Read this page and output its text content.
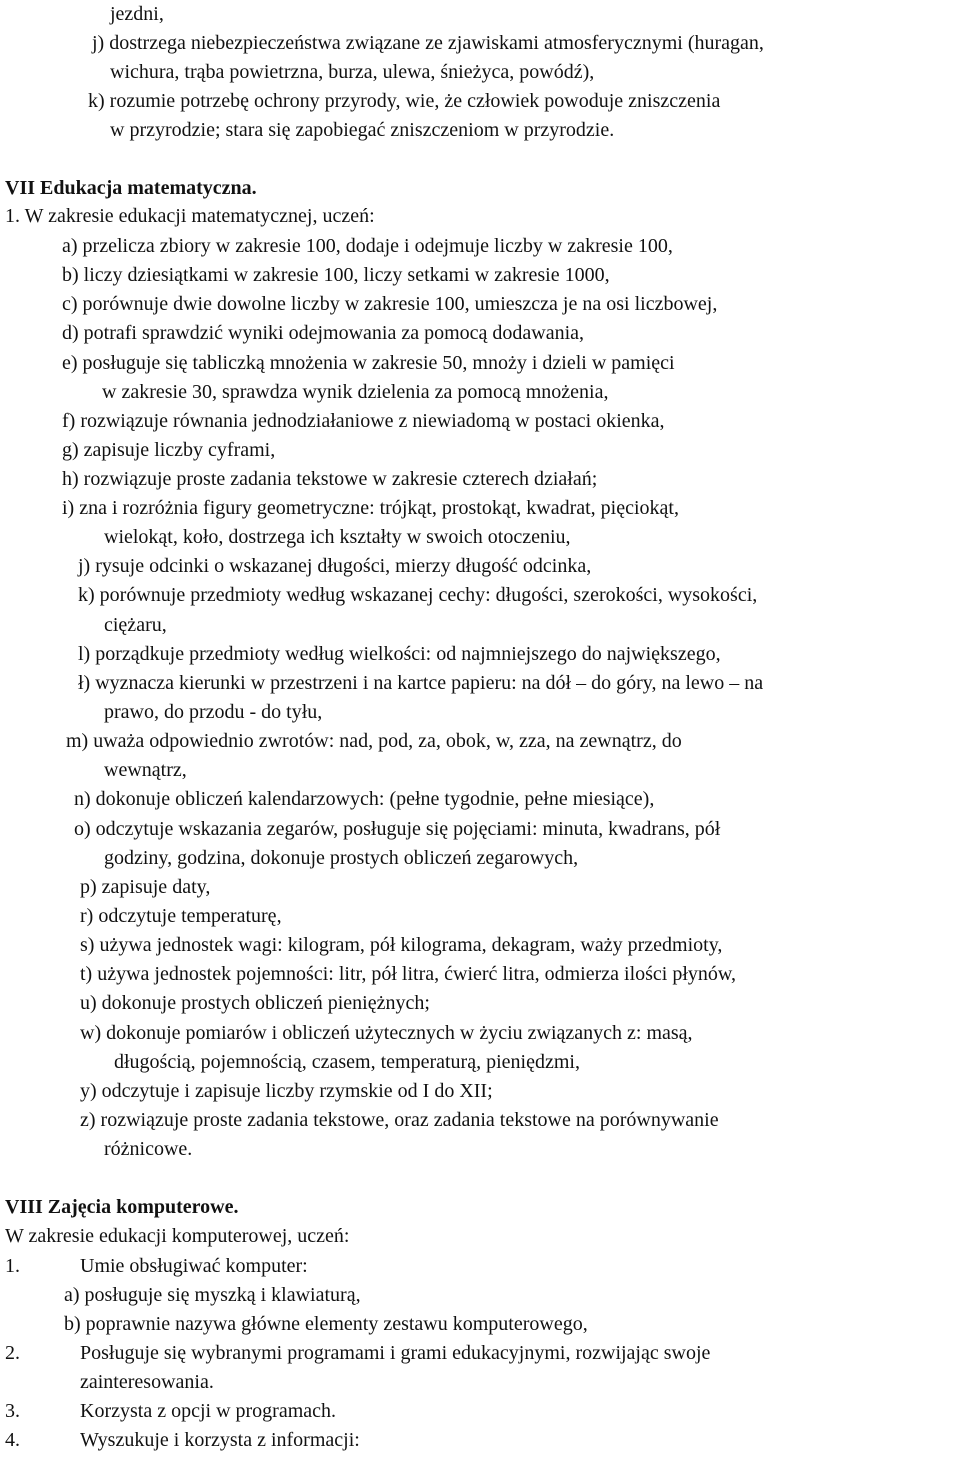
jezdni,
j) dostrzega niebezpieczeństwa związane ze zjawiskami atmosferycznymi (huragan,
wichura, trąba powietrzna, burza, ulewa, śnieżyca, powódź),
k) rozumie potrzebę ochrony przyrody, wie, że człowiek powoduje zniszczenia
w przyrodzie; stara się zapobiegać zniszczeniom w przyrodzie.
VII Edukacja matematyczna.
1. W zakresie edukacji matematycznej, uczeń:
a) przelicza zbiory w zakresie 100, dodaje i odejmuje liczby w zakresie 100,
b) liczy dziesiątkami w zakresie 100, liczy setkami w zakresie 1000,
c) porównuje dwie dowolne liczby w zakresie 100, umieszcza je na osi liczbowej,
d) potrafi sprawdzić wyniki odejmowania za pomocą dodawania,
e) posługuje się tabliczką mnożenia w zakresie 50, mnoży i dzieli w pamięci
w zakresie 30, sprawdza wynik dzielenia za pomocą mnożenia,
f) rozwiązuje równania jednodziałaniowe z niewiadomą w postaci okienka,
g) zapisuje liczby cyframi,
h) rozwiązuje proste zadania tekstowe w zakresie czterech działań;
i) zna i rozróżnia figury geometryczne: trójkąt, prostokąt, kwadrat, pięciokąt,
wielokąt, koło, dostrzega ich kształty w swoich otoczeniu,
j) rysuje odcinki o wskazanej długości, mierzy długość odcinka,
k) porównuje przedmioty według wskazanej cechy: długości, szerokości, wysokości,
ciężaru,
l) porządkuje przedmioty według wielkości: od najmniejszego do największego,
ł) wyznacza kierunki w przestrzeni i na kartce papieru: na dół – do góry, na lewo – na
prawo, do przodu - do tyłu,
m) uważa odpowiednio zwrotów: nad, pod, za, obok, w, zza, na zewnątrz, do
wewnątrz,
n) dokonuje obliczeń kalendarzowych: (pełne tygodnie, pełne miesiące),
o) odczytuje wskazania zegarów, posługuje się pojęciami: minuta, kwadrans, pół
godziny, godzina, dokonuje prostych obliczeń zegarowych,
p) zapisuje daty,
r) odczytuje temperaturę,
s) używa jednostek wagi: kilogram, pół kilograma, dekagram, waży przedmioty,
t) używa jednostek pojemności: litr, pół litra, ćwierć litra, odmierza ilości płynów,
u) dokonuje prostych obliczeń pieniężnych;
w) dokonuje pomiarów i obliczeń użytecznych w życiu związanych z: masą,
długością, pojemnością, czasem, temperaturą, pieniędzmi,
y) odczytuje i zapisuje liczby rzymskie od I do XII;
z) rozwiązuje proste zadania tekstowe, oraz zadania tekstowe na porównywanie
różnicowe.
VIII Zajęcia komputerowe.
W zakresie edukacji komputerowej, uczeń:
1.	Umie obsługiwać komputer:
a) posługuje się myszką i klawiaturą,
b) poprawnie nazywa główne elementy zestawu komputerowego,
2.	Posługuje się wybranymi programami i grami edukacyjnymi, rozwijając swoje
zainteresowania.
3.	Korzysta z opcji w programach.
4.	Wyszukuje i korzysta z informacji:
